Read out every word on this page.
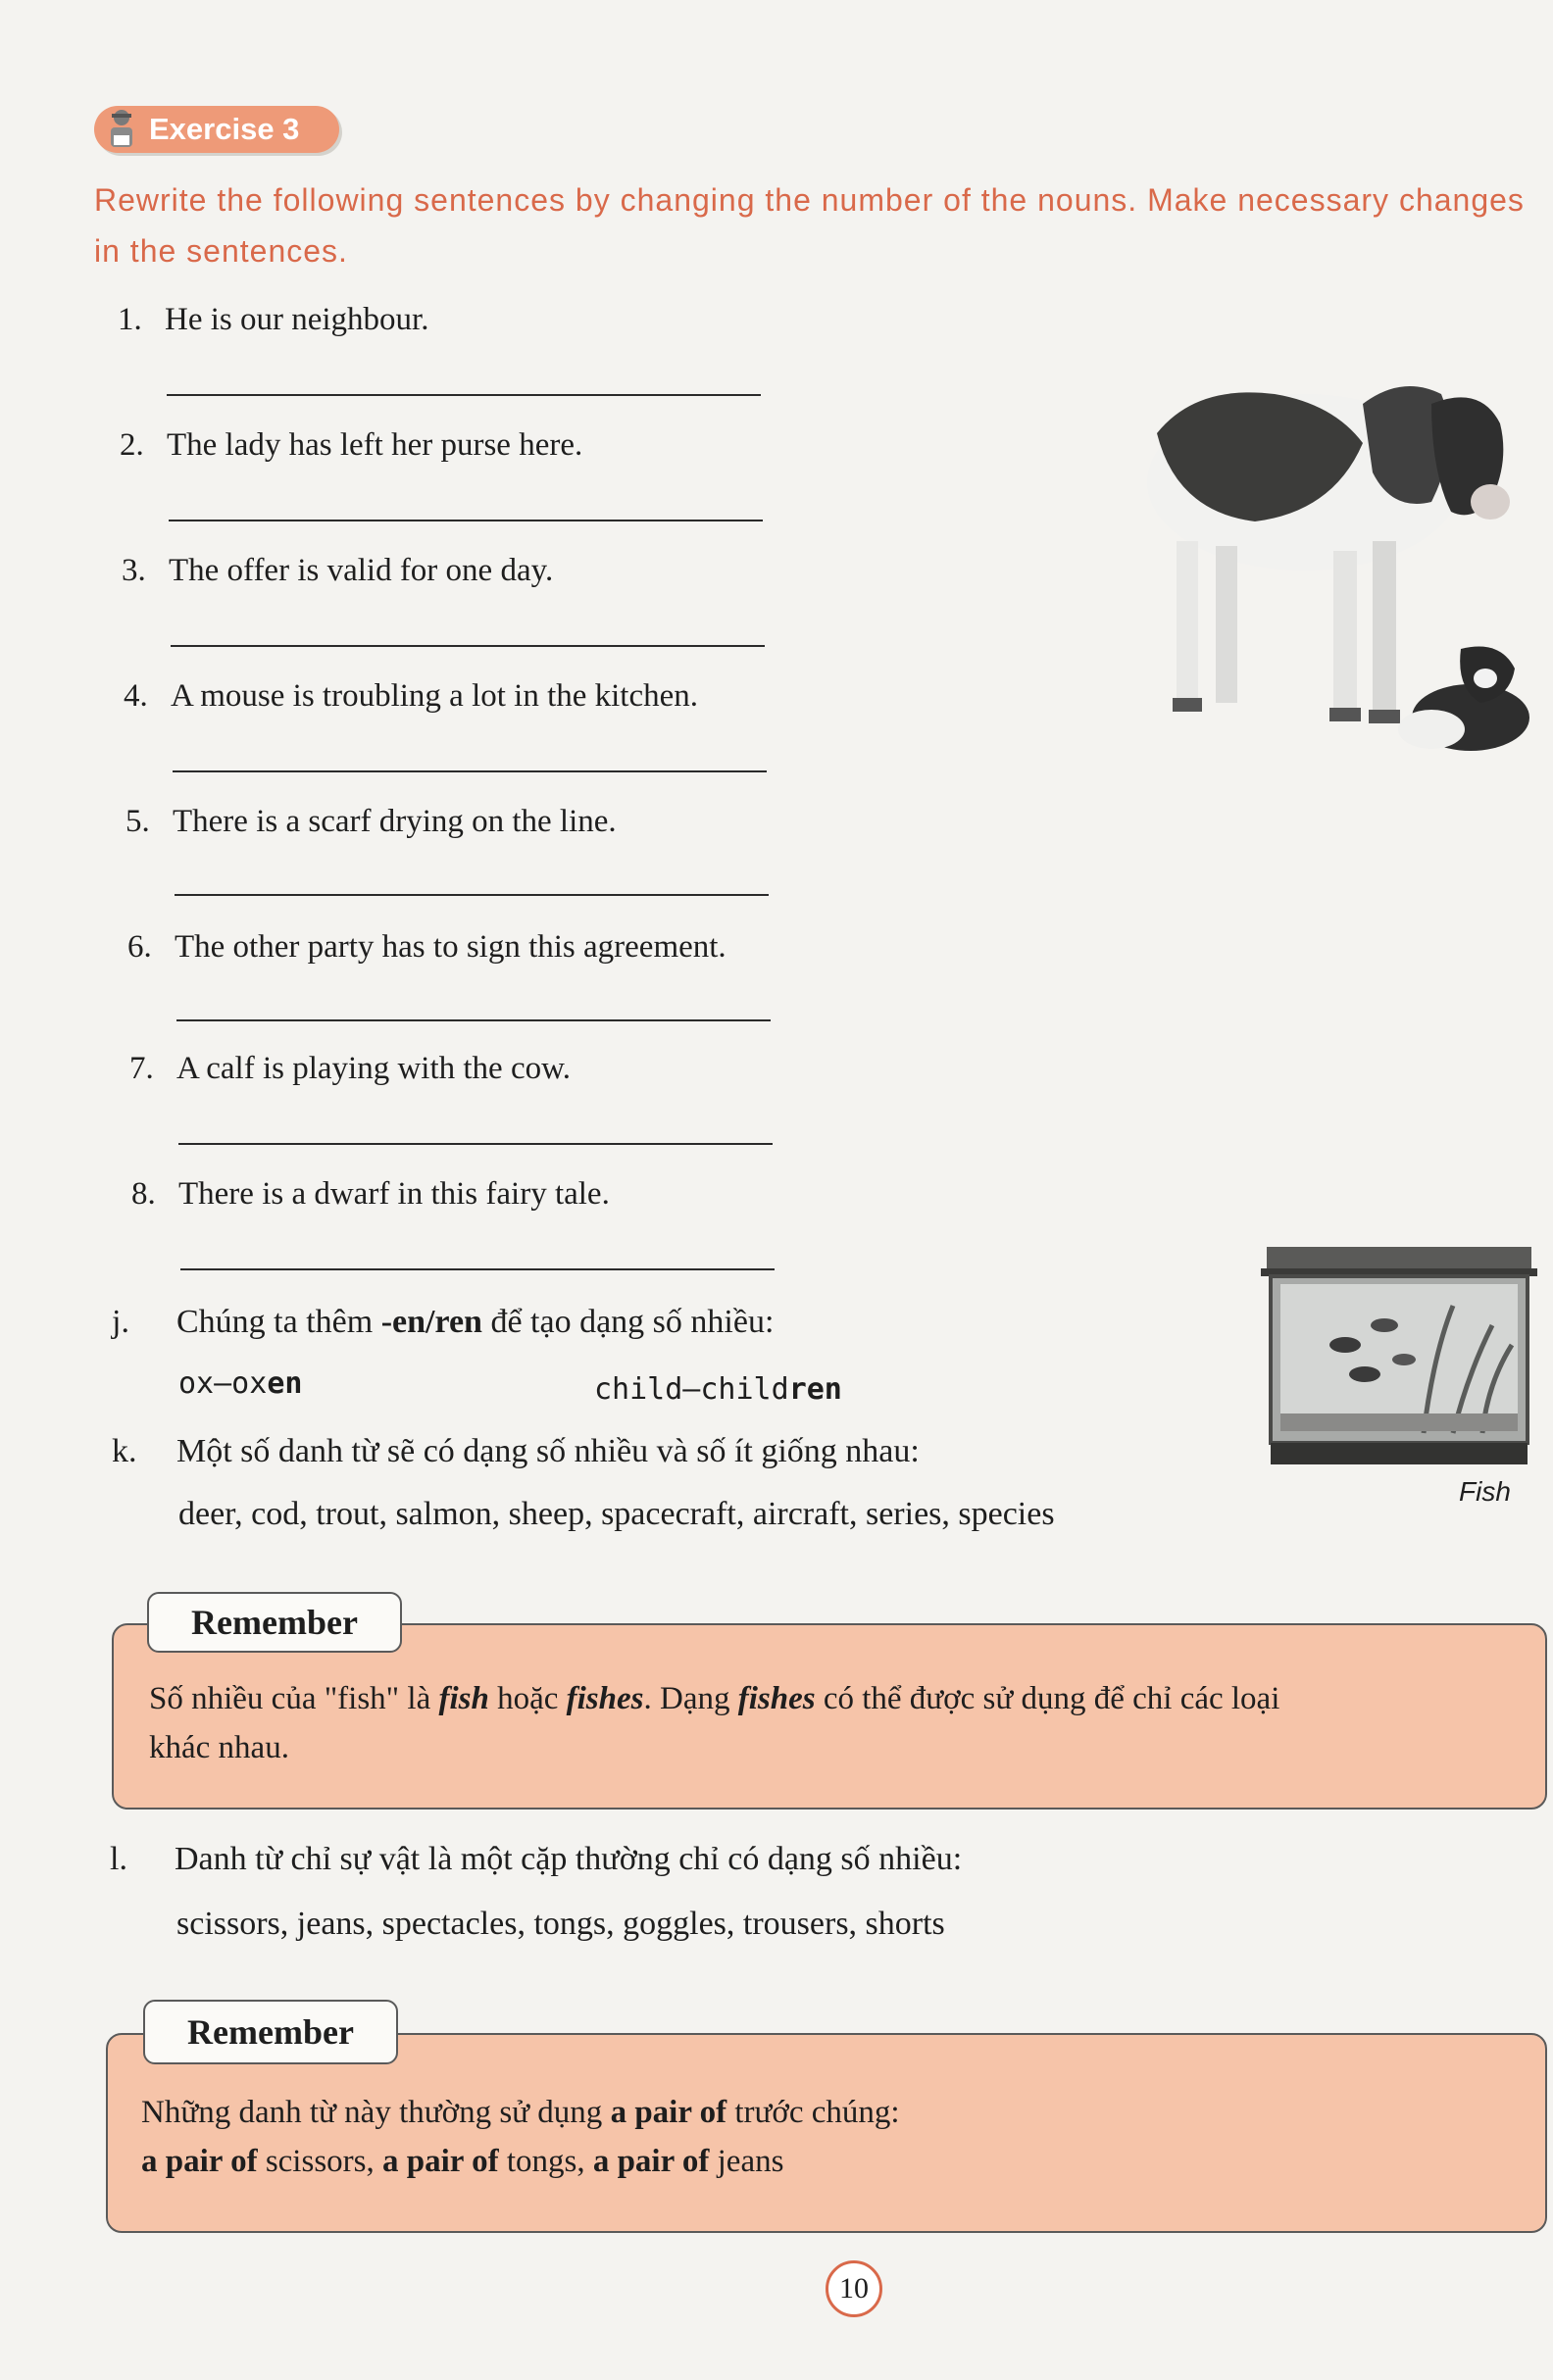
Exercise 3
Rewrite the following sentences by changing the number of the nouns. Make necessary changes in the sentences.
1. He is our neighbour.
2. The lady has left her purse here.
3. The offer is valid for one day.
4. A mouse is troubling a lot in the kitchen.
5. There is a scarf drying on the line.
6. The other party has to sign this agreement.
7. A calf is playing with the cow.
8. There is a dwarf in this fairy tale.
Fish
j. Chúng ta thêm -en/ren để tạo dạng số nhiều:
ox–oxen	child–children
k. Một số danh từ sẽ có dạng số nhiều và số ít giống nhau:
deer, cod, trout, salmon, sheep, spacecraft, aircraft, series, species
Remember
Số nhiều của "fish" là fish hoặc fishes. Dạng fishes có thể được sử dụng để chỉ các loại
khác nhau.
l. Danh từ chỉ sự vật là một cặp thường chỉ có dạng số nhiều:
scissors, jeans, spectacles, tongs, goggles, trousers, shorts
Remember
Những danh từ này thường sử dụng a pair of trước chúng:
a pair of scissors, a pair of tongs, a pair of jeans
10
